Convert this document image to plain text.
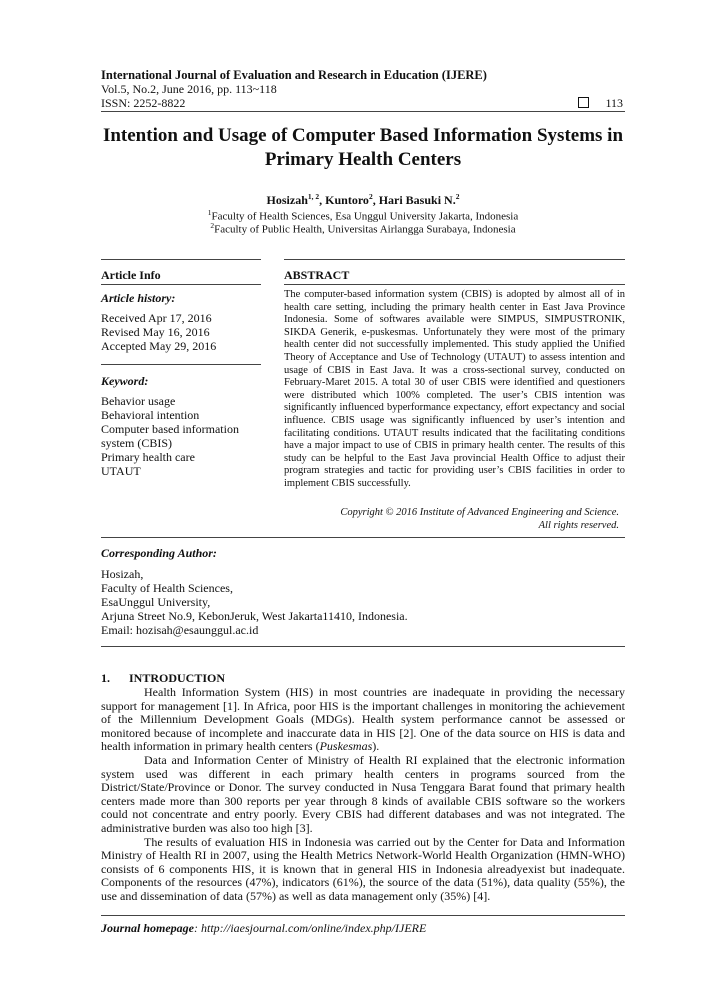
International Journal of Evaluation and Research in Education (IJERE)
Vol.5, No.2, June 2016, pp. 113~118
ISSN: 2252-8822	113
Intention and Usage of Computer Based Information Systems in
Primary Health Centers
Hosizah$^{1, 2}$, Kuntoro$^2$, Hari Basuki N.$^2$
$^1$Faculty of Health Sciences, Esa Unggul University Jakarta, Indonesia
$^2$Faculty of Public Health, Universitas Airlangga Surabaya, Indonesia
Article Info
Article history:
Received Apr 17, 2016
Revised May 16, 2016
Accepted May 29, 2016
Keyword:
Behavior usage
Behavioral intention
Computer based information
system (CBIS)
Primary health care
UTAUT
ABSTRACT
The computer-based information system (CBIS) is adopted by almost all of in health care setting, including the primary health center in East Java Province Indonesia. Some of softwares available were SIMPUS, SIMPUSTRONIK, SIKDA Generik, e-puskesmas. Unfortunately they were most of the primary health center did not successfully implemented. This study applied the Unified Theory of Acceptance and Use of Technology (UTAUT) to assess intention and usage of CBIS in East Java. It was a cross-sectional survey, conducted on February-Maret 2015. A total 30 of user CBIS were identified and questioners were distributed which 100% completed. The user’s CBIS intention was significantly influenced byperformance expectancy, effort expectancy and social influence. CBIS usage was significantly influenced by user’s intention and facilitating conditions. UTAUT results indicated that the facilitating conditions have a major impact to use of CBIS in primary health center. The results of this study can be helpful to the East Java provincial Health Office to adjust their program strategies and tactic for providing user’s CBIS facilities in order to implement CBIS successfully.
Copyright © 2016 Institute of Advanced Engineering and Science.
All rights reserved.
Corresponding Author:
Hosizah,
Faculty of Health Sciences,
EsaUnggul University,
Arjuna Street No.9, KebonJeruk, West Jakarta11410, Indonesia.
Email: hozisah@esaunggul.ac.id
1. INTRODUCTION

Health Information System (HIS) in most countries are inadequate in providing the necessary support for management [1]. In Africa, poor HIS is the important challenges in monitoring the achievement of the Millennium Development Goals (MDGs). Health system performance cannot be assessed or monitored because of incomplete and inaccurate data in HIS [2]. One of the data source on HIS is data and health information in primary health centers (Puskesmas).

Data and Information Center of Ministry of Health RI explained that the electronic information system used was different in each primary health centers in programs sourced from the District/State/Province or Donor. The survey conducted in Nusa Tenggara Barat found that primary health centers made more than 300 reports per year through 8 kinds of available CBIS software so the workers could not concentrate and entry poorly. Every CBIS had different databases and was not integrated. The administrative burden was also too high [3].

The results of evaluation HIS in Indonesia was carried out by the Center for Data and Information Ministry of Health RI in 2007, using the Health Metrics Network-World Health Organization (HMN-WHO) consists of 6 components HIS, it is known that in general HIS in Indonesia alreadyexist but inadequate. Components of the resources (47%), indicators (61%), the source of the data (51%), data quality (55%), the use and dissemination of data (57%) as well as data management only (35%) [4].

Journal homepage: http://iaesjournal.com/online/index.php/IJERE
